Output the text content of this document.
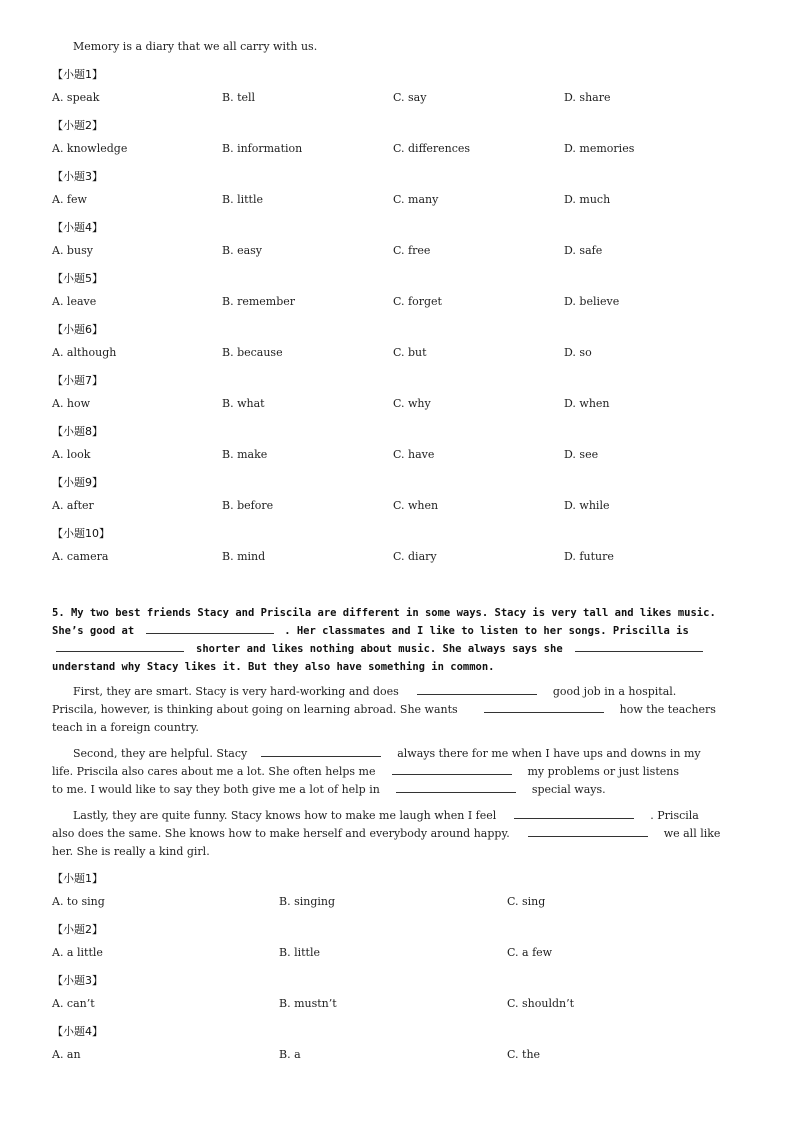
Memory is a diary that we all carry with us.
【小题1】
A. speak	B. tell	C. say	D. share
【小题2】
A. knowledge	B. information	C. differences	D. memories
【小题3】
A. few	B. little	C. many	D. much
【小题4】
A. busy	B. easy	C. free	D. safe
【小题5】
A. leave	B. remember	C. forget	D. believe
【小题6】
A. although	B. because	C. but	D. so
【小题7】
A. how	B. what	C. why	D. when
【小题8】
A. look	B. make	C. have	D. see
【小题9】
A. after	B. before	C. when	D. while
【小题10】
A. camera	B. mind	C. diary	D. future
5. My two best friends Stacy and Priscila are different in some ways. Stacy is very tall and likes music.
She’s good at	. Her classmates and I like to listen to her songs. Priscilla is
shorter and likes nothing about music. She always says she
understand why Stacy likes it. But they also have something in common.
First, they are smart. Stacy is very hard-working and does	good job in a hospital.
Priscila, however, is thinking about going on learning abroad. She wants	how the teachers
teach in a foreign country.
Second, they are helpful. Stacy	always there for me when I have ups and downs in my
life. Priscila also cares about me a lot. She often helps me	my problems or just listens
to me. I would like to say they both give me a lot of help in	special ways.
Lastly, they are quite funny. Stacy knows how to make me laugh when I feel	. Priscila
also does the same. She knows how to make herself and everybody around happy.	we all like
her. She is really a kind girl.
【小题1】
A. to sing	B. singing	C. sing
【小题2】
A. a little	B. little	C. a few
【小题3】
A. can’t	B. mustn’t	C. shouldn’t
【小题4】
A. an	B. a	C. the
